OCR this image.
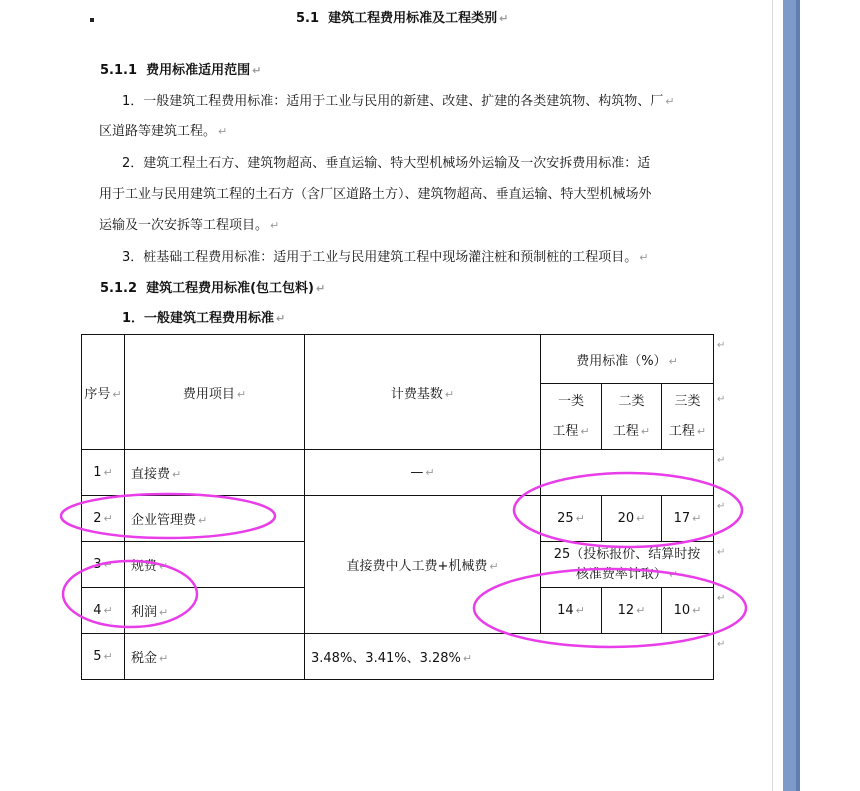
5.1 建筑工程费用标准及工程类别 ↵
5.1.1 费用标准适用范围 ↵
1．一般建筑工程费用标准：适用于工业与民用的新建、改建、扩建的各类建筑物、构筑物、厂 ↵
区道路等建筑工程。 ↵
2．建筑工程土石方、建筑物超高、垂直运输、特大型机械场外运输及一次安拆费用标准：适
用于工业与民用建筑工程的土石方（含厂区道路土方）、建筑物超高、垂直运输、特大型机械场外
运输及一次安拆等工程项目。 ↵
3．桩基础工程费用标准：适用于工业与民用建筑工程中现场灌注桩和预制桩的工程项目。 ↵
5.1.2 建筑工程费用标准(包工包料) ↵
1．一般建筑工程费用标准 ↵
序号 ↵	费用项目 ↵	计费基数 ↵	费用标准（%） ↵		
			一类
工程 ↵	二类
工程 ↵	三类
工程 ↵
1 ↵	直接费 ↵	— ↵	—		
2 ↵	企业管理费 ↵	直接费中人工费+机械费 ↵	25 ↵	20 ↵	17 ↵
3 ↵	规费 ↵		25（投标报价、结算时按
核准费率计取） ↵		
4 ↵	利润 ↵		14 ↵	12 ↵	10 ↵
5 ↵	税金 ↵	3.48%、3.41%、3.28% ↵			
↵
↵
↵
↵
↵
↵
↵
